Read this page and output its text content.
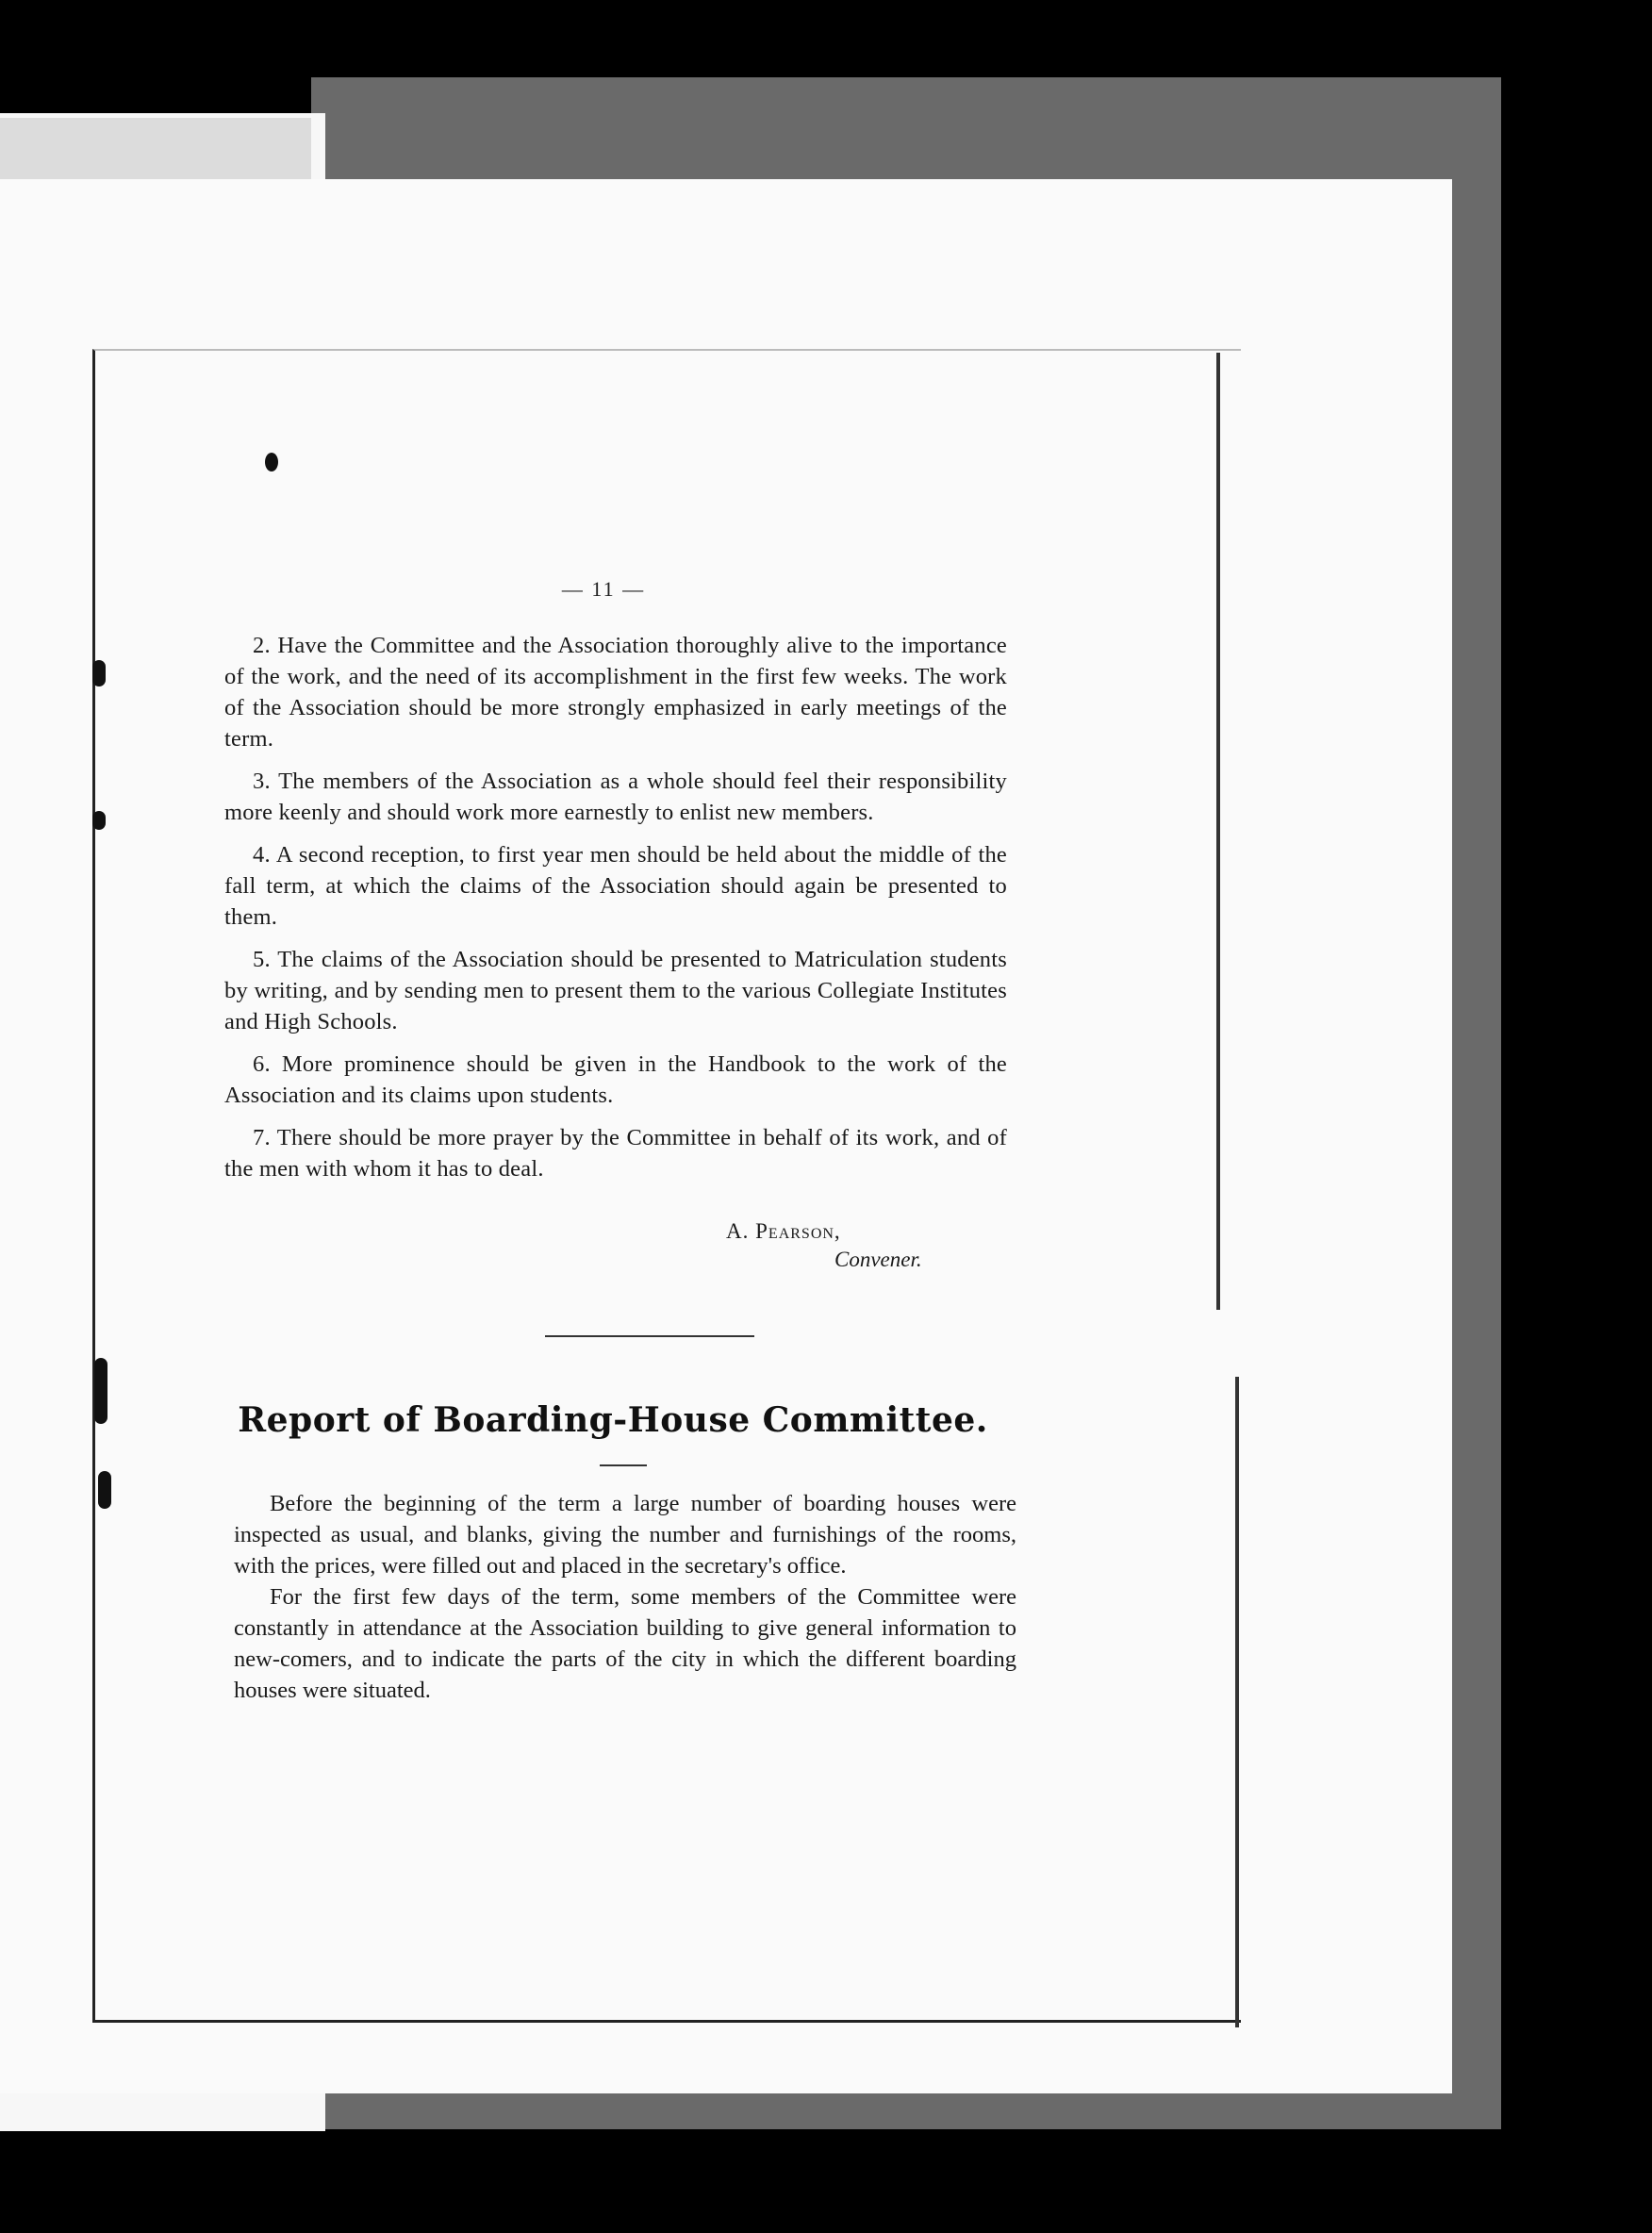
— 11 —

2. Have the Committee and the Association thoroughly alive to the importance of the work, and the need of its accomplishment in the first few weeks. The work of the Association should be more strongly emphasized in early meetings of the term.

3. The members of the Association as a whole should feel their responsibility more keenly and should work more earnestly to enlist new members.

4. A second reception, to first year men should be held about the middle of the fall term, at which the claims of the Association should again be presented to them.

5. The claims of the Association should be presented to Matriculation students by writing, and by sending men to present them to the various Collegiate Institutes and High Schools.

6. More prominence should be given in the Handbook to the work of the Association and its claims upon students.

7. There should be more prayer by the Committee in behalf of its work, and of the men with whom it has to deal.

A. Pearson,
Convener.
Report of Boarding-House Committee.

Before the beginning of the term a large number of boarding houses were inspected as usual, and blanks, giving the number and furnishings of the rooms, with the prices, were filled out and placed in the secretary's office.

For the first few days of the term, some members of the Committee were constantly in attendance at the Association building to give general information to new-comers, and to indicate the parts of the city in which the different boarding houses were situated.
